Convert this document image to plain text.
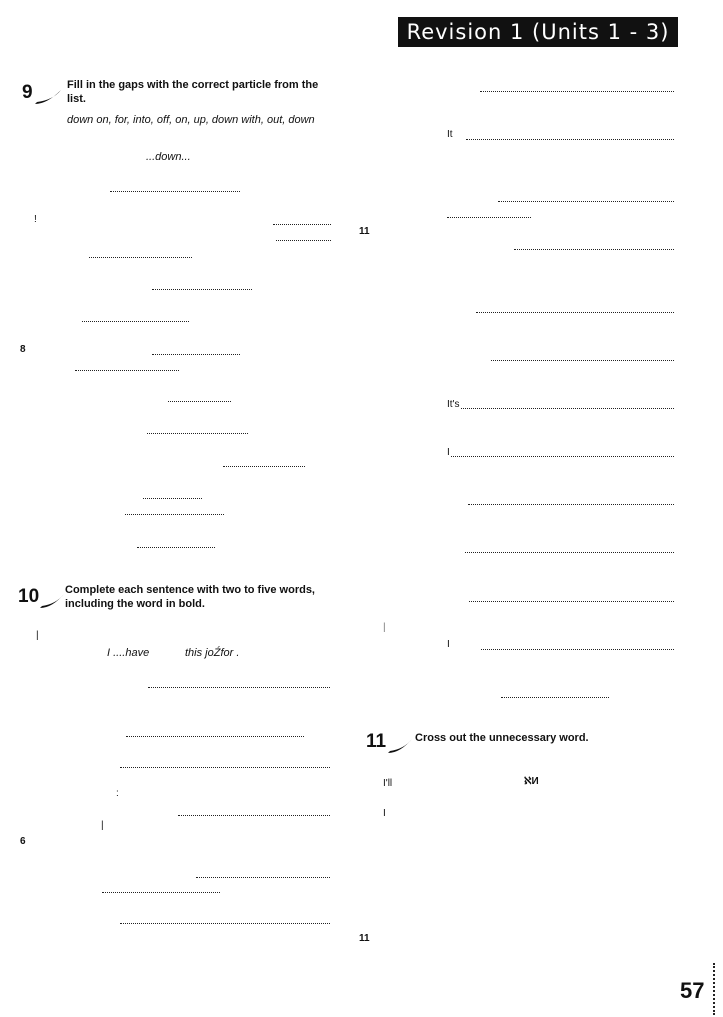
Revision 1 (Units 1 - 3)
9	Fill in the gaps with the correct particle from the list.
down on, for, into, off, on, up, down with, out, down
...down...
!
8
10 Complete each sentence with two to five words, including the word in bold.
|
I ....have	this joŹfor .
:
|
6
It
11
It's
I
|
I
11	Cross out the unnecessary word.
I'll	ℵИ
I
11
57
